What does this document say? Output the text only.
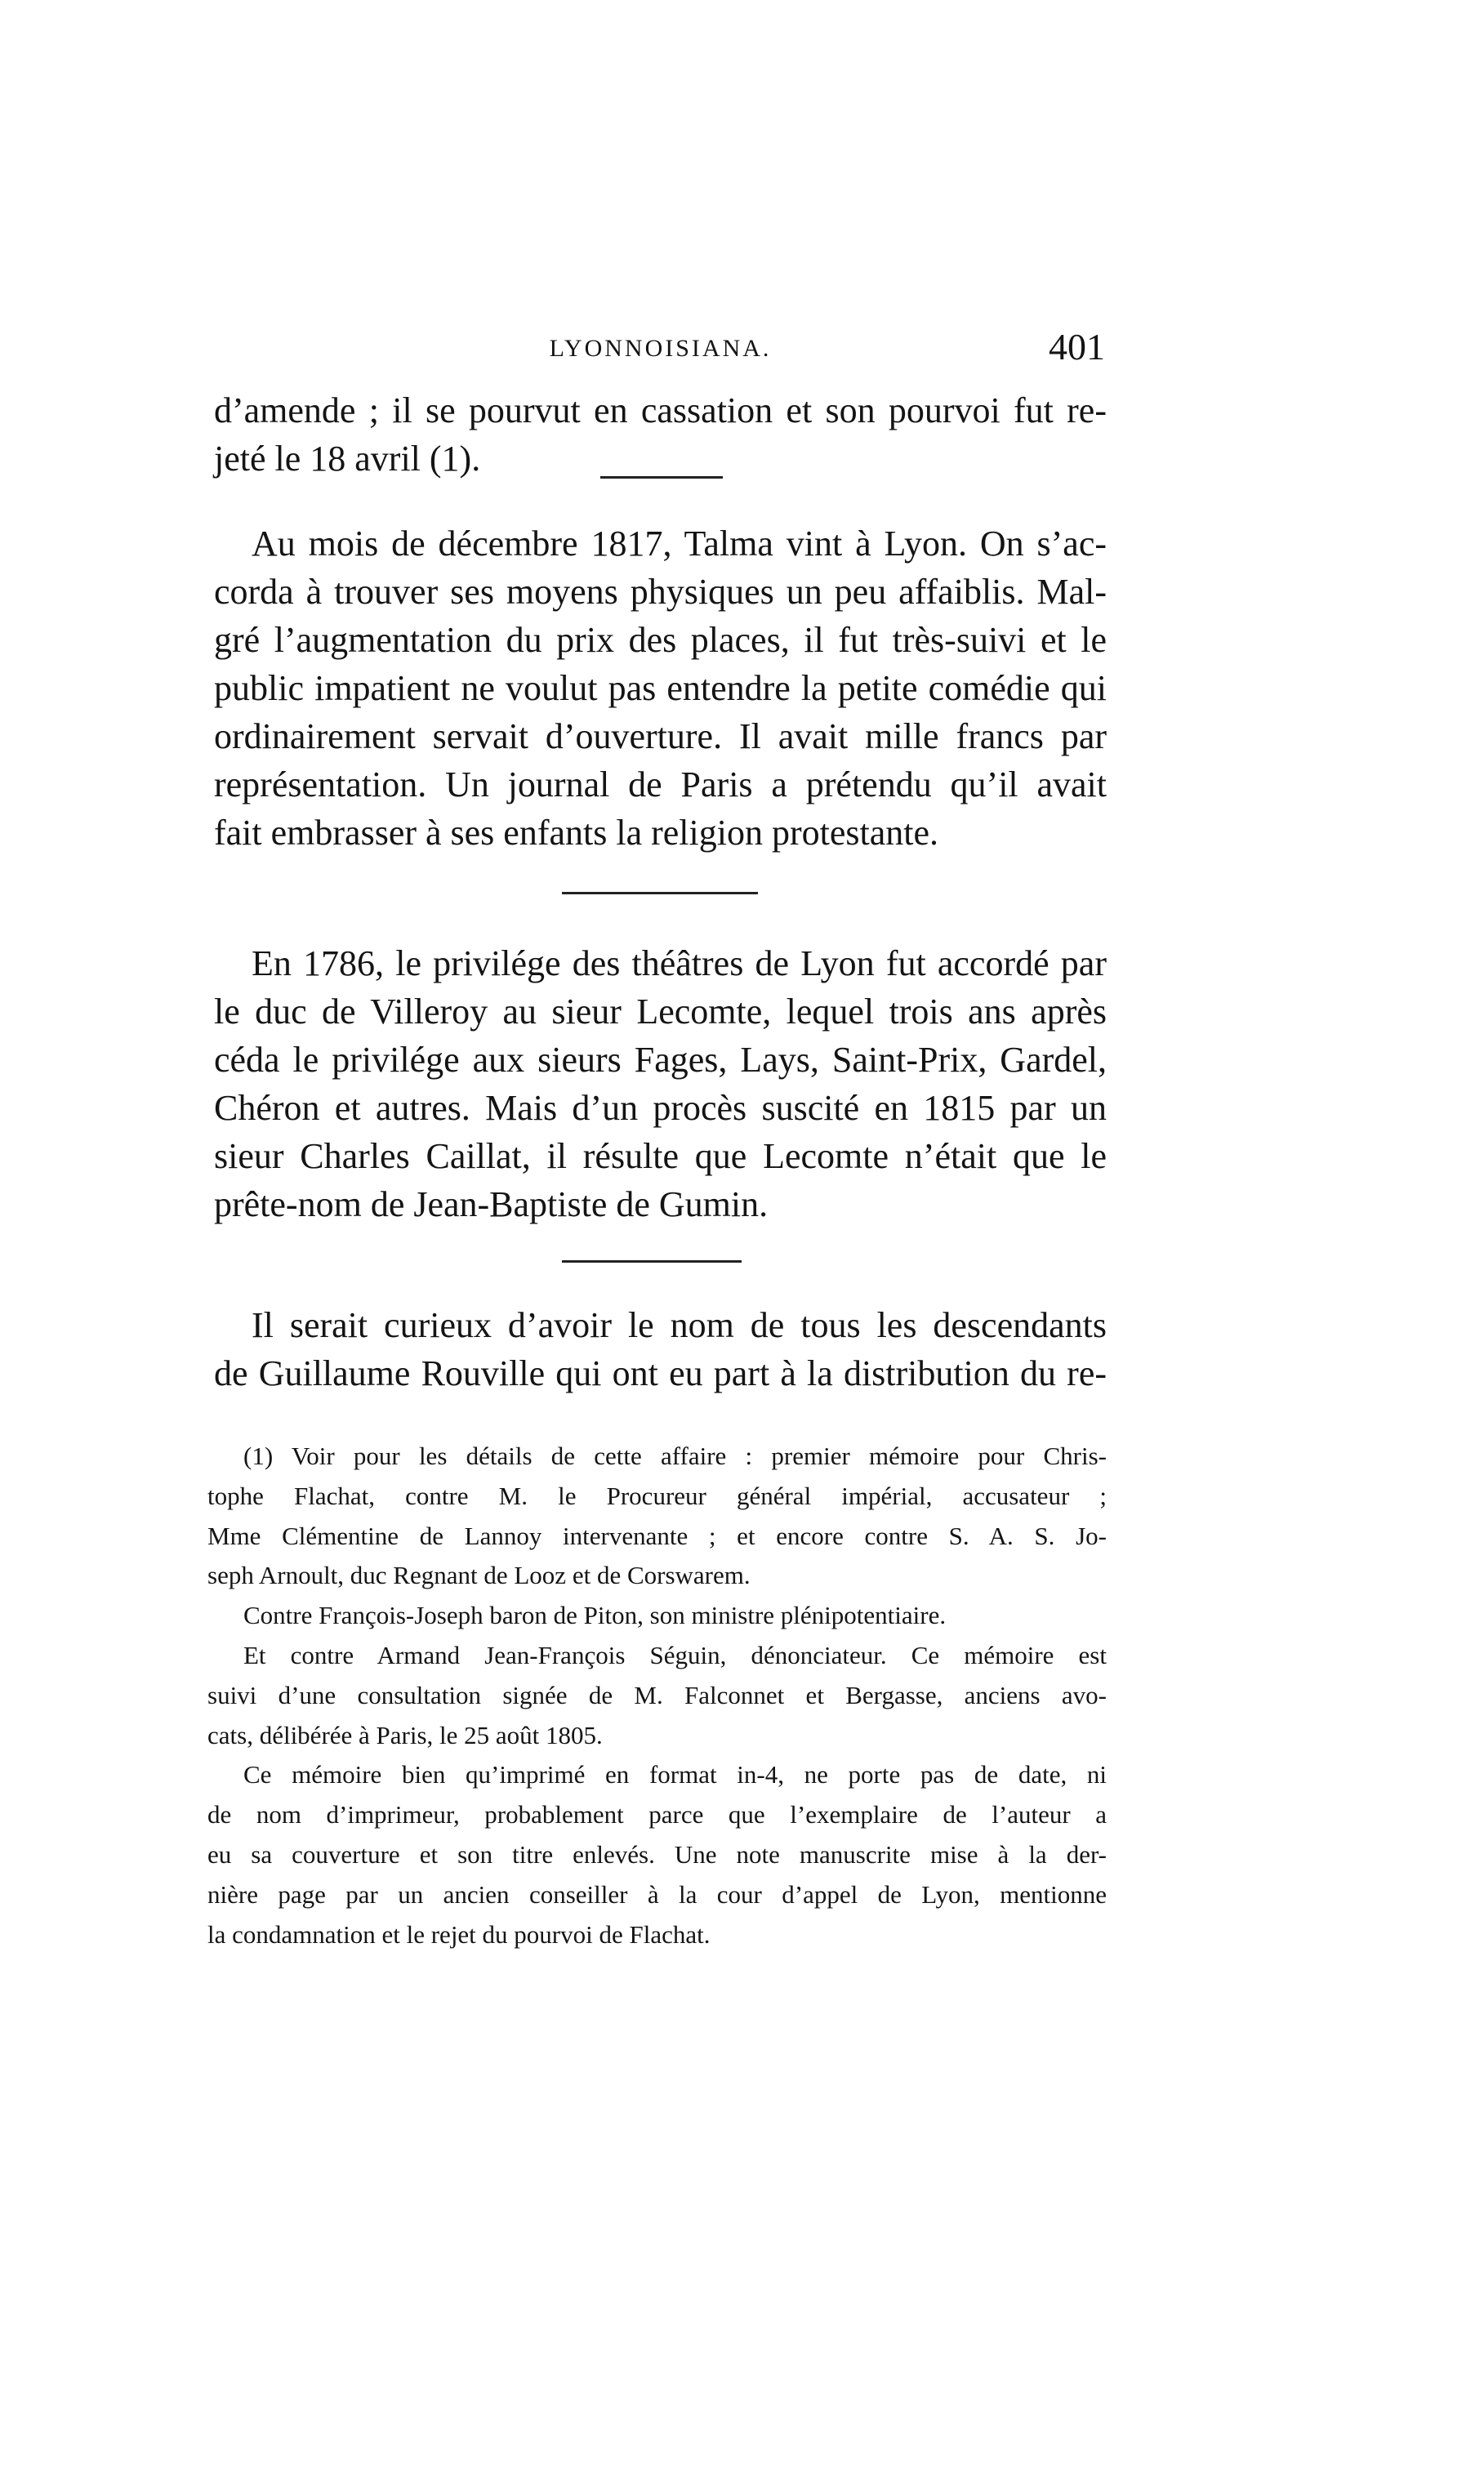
LYONNOISIANA.	401
d’amende ; il se pourvut en cassation et son pourvoi fut re-
jeté le 18 avril (1).
Au mois de décembre 1817, Talma vint à Lyon. On s’ac-
corda à trouver ses moyens physiques un peu affaiblis. Mal-
gré l’augmentation du prix des places, il fut très-suivi et le
public impatient ne voulut pas entendre la petite comédie qui
ordinairement servait d’ouverture. Il avait mille francs par
représentation. Un journal de Paris a prétendu qu’il avait
fait embrasser à ses enfants la religion protestante.
En 1786, le privilége des théâtres de Lyon fut accordé par
le duc de Villeroy au sieur Lecomte, lequel trois ans après
céda le privilége aux sieurs Fages, Lays, Saint-Prix, Gardel,
Chéron et autres. Mais d’un procès suscité en 1815 par un
sieur Charles Caillat, il résulte que Lecomte n’était que le
prête-nom de Jean-Baptiste de Gumin.
Il serait curieux d’avoir le nom de tous les descendants
de Guillaume Rouville qui ont eu part à la distribution du re-
(1) Voir pour les détails de cette affaire : premier mémoire pour Chris-
tophe Flachat, contre M. le Procureur général impérial, accusateur ;
Mme Clémentine de Lannoy intervenante ; et encore contre S. A. S. Jo-
seph Arnoult, duc Regnant de Looz et de Corswarem.
Contre François-Joseph baron de Piton, son ministre plénipotentiaire.
Et contre Armand Jean-François Séguin, dénonciateur. Ce mémoire est
suivi d’une consultation signée de M. Falconnet et Bergasse, anciens avo-
cats, délibérée à Paris, le 25 août 1805.
Ce mémoire bien qu’imprimé en format in-4, ne porte pas de date, ni
de nom d’imprimeur, probablement parce que l’exemplaire de l’auteur a
eu sa couverture et son titre enlevés. Une note manuscrite mise à la der-
nière page par un ancien conseiller à la cour d’appel de Lyon, mentionne
la condamnation et le rejet du pourvoi de Flachat.
